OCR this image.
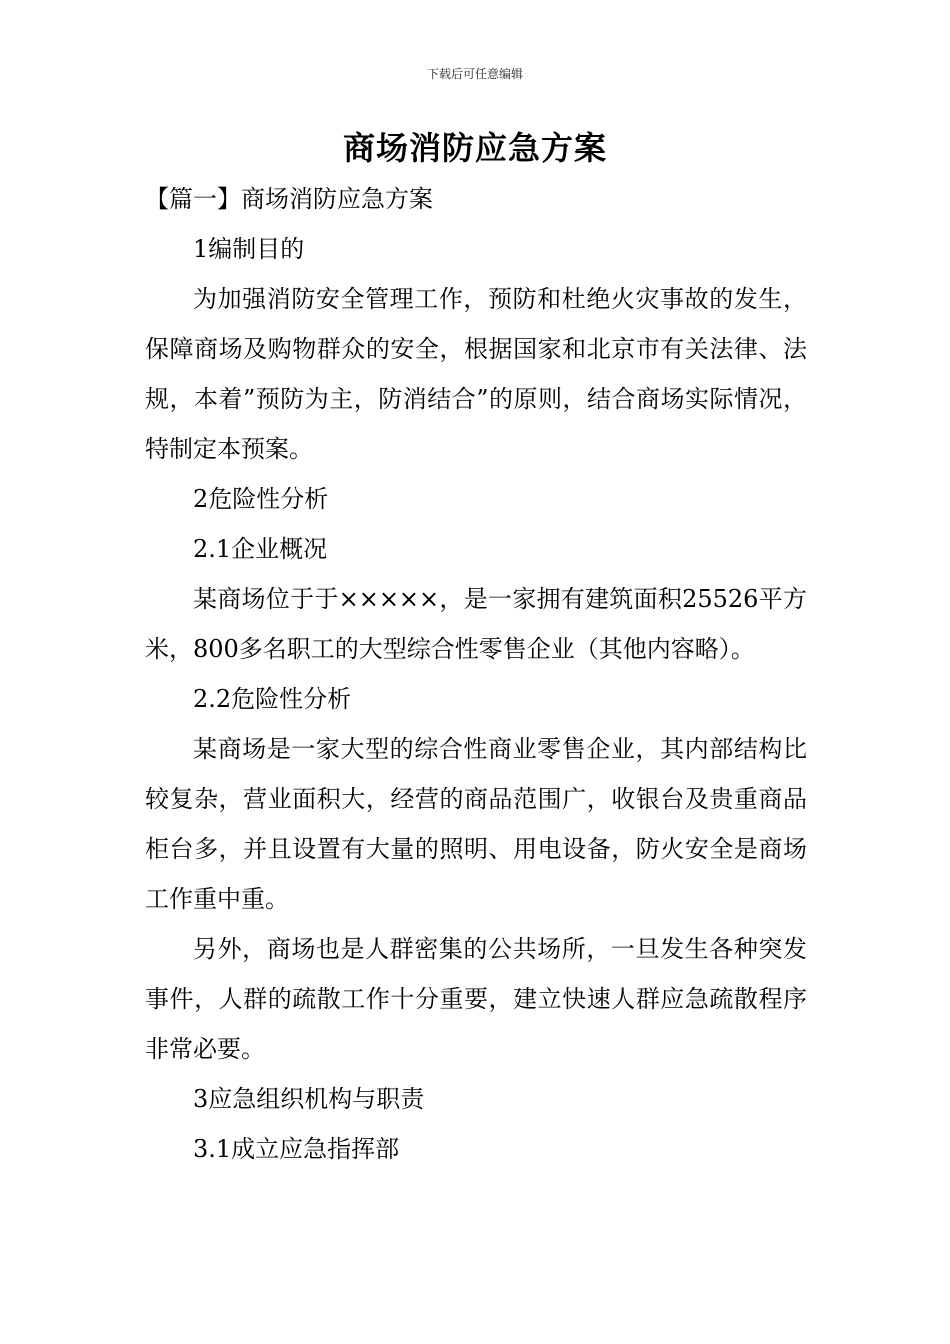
下载后可任意编辑
商场消防应急方案

【篇一】商场消防应急方案

1编制目的

为加强消防安全管理工作，预防和杜绝火灾事故的发生，保障商场及购物群众的安全，根据国家和北京市有关法律、法规，本着”预防为主，防消结合”的原则，结合商场实际情况，特制定本预案。

2危险性分析

2.1企业概况

某商场位于于×××××，是一家拥有建筑面积25526平方米，800多名职工的大型综合性零售企业（其他内容略）。

2.2危险性分析

某商场是一家大型的综合性商业零售企业，其内部结构比较复杂，营业面积大，经营的商品范围广，收银台及贵重商品柜台多，并且设置有大量的照明、用电设备，防火安全是商场工作重中重。

另外，商场也是人群密集的公共场所，一旦发生各种突发事件，人群的疏散工作十分重要，建立快速人群应急疏散程序非常必要。

3应急组织机构与职责

3.1成立应急指挥部
